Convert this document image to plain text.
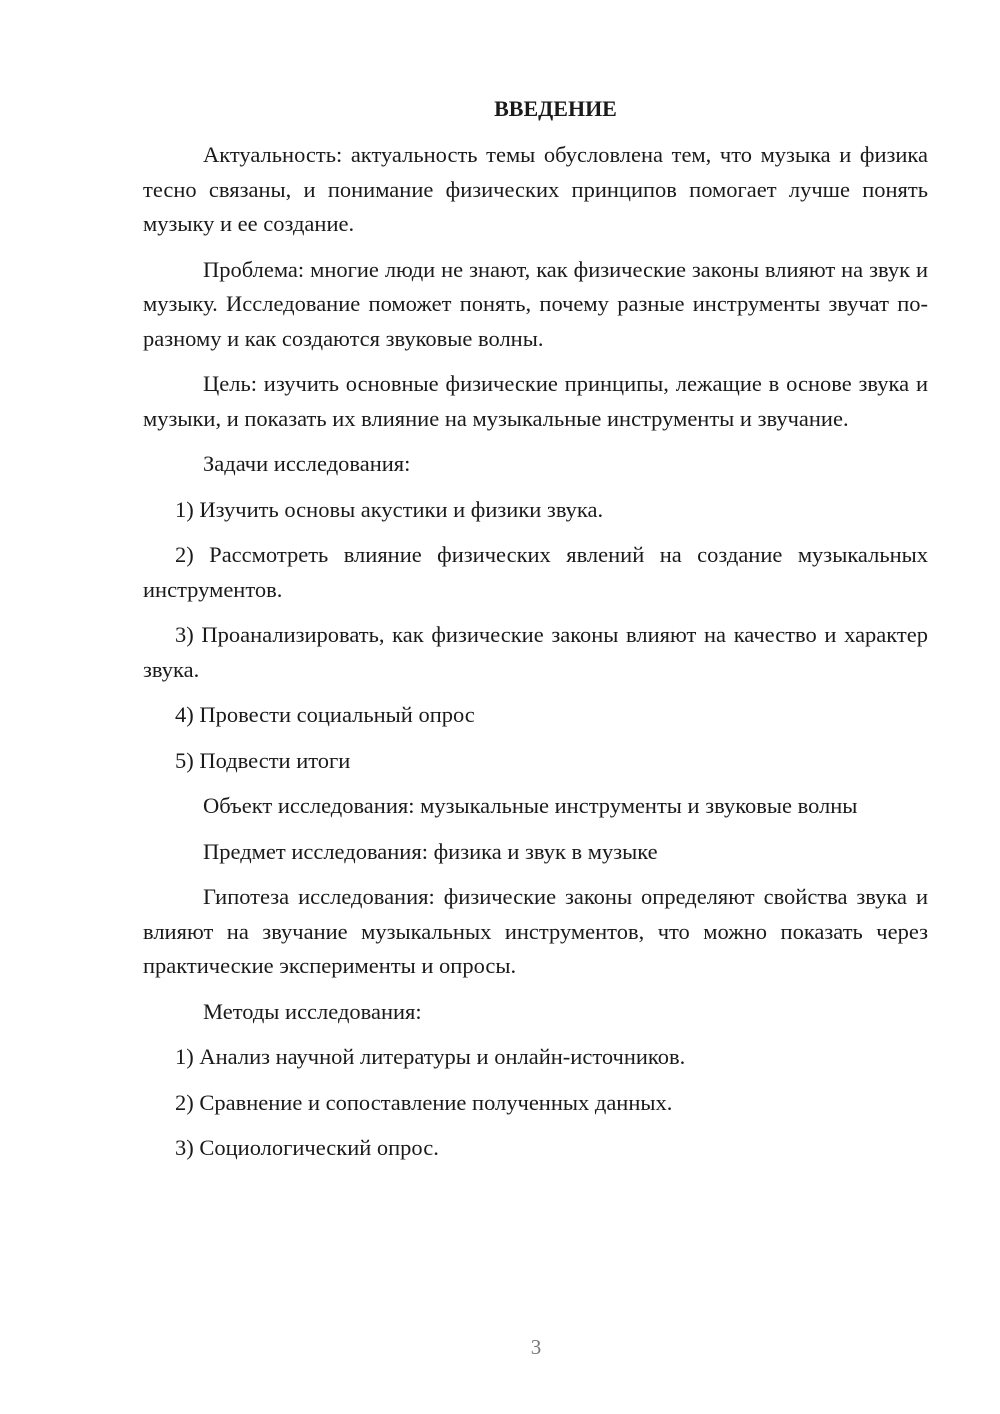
ВВЕДЕНИЕ

Актуальность: актуальность темы обусловлена тем, что музыка и физика тесно связаны, и понимание физических принципов помогает лучше понять музыку и ее создание.

Проблема: многие люди не знают, как физические законы влияют на звук и музыку. Исследование поможет понять, почему разные инструменты звучат по-разному и как создаются звуковые волны.

Цель: изучить основные физические принципы, лежащие в основе звука и музыки, и показать их влияние на музыкальные инструменты и звучание.

Задачи исследования:

1) Изучить основы акустики и физики звука.

2) Рассмотреть влияние физических явлений на создание музыкальных инструментов.

3) Проанализировать, как физические законы влияют на качество и характер звука.

4) Провести социальный опрос

5) Подвести итоги

Объект исследования: музыкальные инструменты и звуковые волны

Предмет исследования: физика и звук в музыке

Гипотеза исследования: физические законы определяют свойства звука и влияют на звучание музыкальных инструментов, что можно показать через практические эксперименты и опросы.

Методы исследования:

1) Анализ научной литературы и онлайн-источников.

2) Сравнение и сопоставление полученных данных.

3) Социологический опрос.

3
